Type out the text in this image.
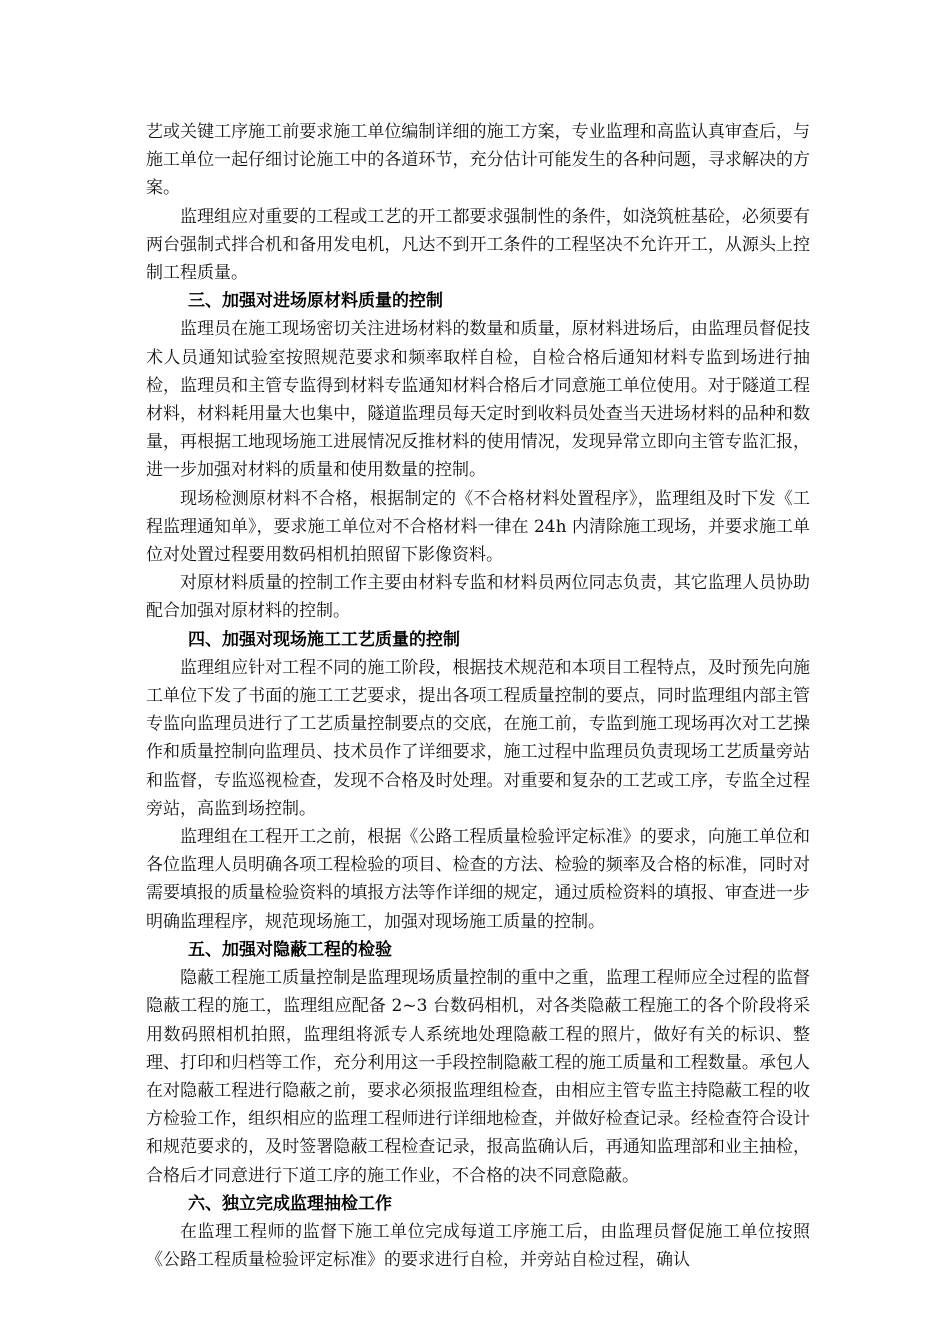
艺或关键工序施工前要求施工单位编制详细的施工方案，专业监理和高监认真审查后，与施工单位一起仔细讨论施工中的各道环节，充分估计可能发生的各种问题，寻求解决的方案。

监理组应对重要的工程或工艺的开工都要求强制性的条件，如浇筑桩基砼，必须要有两台强制式拌合机和备用发电机，凡达不到开工条件的工程坚决不允许开工，从源头上控制工程质量。

三、加强对进场原材料质量的控制

监理员在施工现场密切关注进场材料的数量和质量，原材料进场后，由监理员督促技术人员通知试验室按照规范要求和频率取样自检，自检合格后通知材料专监到场进行抽检，监理员和主管专监得到材料专监通知材料合格后才同意施工单位使用。对于隧道工程材料，材料耗用量大也集中，隧道监理员每天定时到收料员处查当天进场材料的品种和数量，再根据工地现场施工进展情况反推材料的使用情况，发现异常立即向主管专监汇报，进一步加强对材料的质量和使用数量的控制。

现场检测原材料不合格，根据制定的《不合格材料处置程序》，监理组及时下发《工程监理通知单》，要求施工单位对不合格材料一律在 24h 内清除施工现场，并要求施工单位对处置过程要用数码相机拍照留下影像资料。

对原材料质量的控制工作主要由材料专监和材料员两位同志负责，其它监理人员协助配合加强对原材料的控制。

四、加强对现场施工工艺质量的控制

监理组应针对工程不同的施工阶段，根据技术规范和本项目工程特点，及时预先向施工单位下发了书面的施工工艺要求，提出各项工程质量控制的要点，同时监理组内部主管专监向监理员进行了工艺质量控制要点的交底，在施工前，专监到施工现场再次对工艺操作和质量控制向监理员、技术员作了详细要求，施工过程中监理员负责现场工艺质量旁站和监督，专监巡视检查，发现不合格及时处理。对重要和复杂的工艺或工序，专监全过程旁站，高监到场控制。

监理组在工程开工之前，根据《公路工程质量检验评定标准》的要求，向施工单位和各位监理人员明确各项工程检验的项目、检查的方法、检验的频率及合格的标准，同时对需要填报的质量检验资料的填报方法等作详细的规定，通过质检资料的填报、审查进一步明确监理程序，规范现场施工，加强对现场施工质量的控制。

五、加强对隐蔽工程的检验

隐蔽工程施工质量控制是监理现场质量控制的重中之重，监理工程师应全过程的监督隐蔽工程的施工，监理组应配备 2~3 台数码相机，对各类隐蔽工程施工的各个阶段将采用数码照相机拍照，监理组将派专人系统地处理隐蔽工程的照片，做好有关的标识、整理、打印和归档等工作，充分利用这一手段控制隐蔽工程的施工质量和工程数量。承包人在对隐蔽工程进行隐蔽之前，要求必须报监理组检查，由相应主管专监主持隐蔽工程的收方检验工作，组织相应的监理工程师进行详细地检查，并做好检查记录。经检查符合设计和规范要求的，及时签署隐蔽工程检查记录，报高监确认后，再通知监理部和业主抽检，合格后才同意进行下道工序的施工作业，不合格的决不同意隐蔽。

六、独立完成监理抽检工作

在监理工程师的监督下施工单位完成每道工序施工后，由监理员督促施工单位按照《公路工程质量检验评定标准》的要求进行自检，并旁站自检过程，确认
